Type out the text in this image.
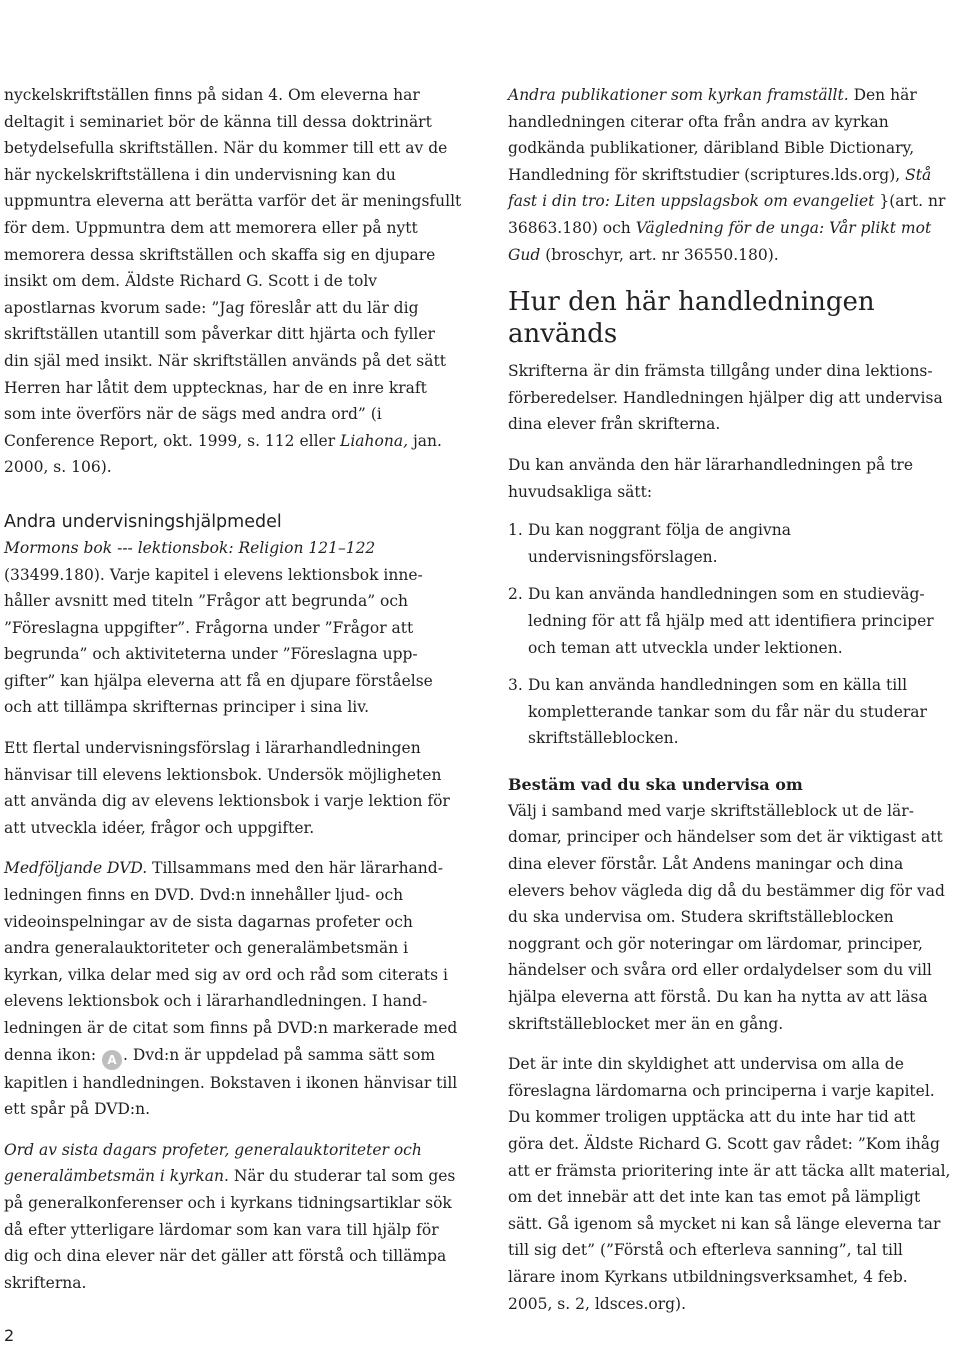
nyckelskriftställen finns på sidan 4. Om eleverna har deltagit i seminariet bör de känna till dessa doktrinärt betydelsefulla skriftställen. När du kommer till ett av de här nyckelskriftställena i din undervisning kan du uppmuntra eleverna att berätta varför det är meningsfullt för dem. Uppmuntra dem att memorera eller på nytt memorera dessa skriftställen och skaffa sig en djupare insikt om dem. Äldste Richard G. Scott i de tolv apostlarnas kvorum sade: ”Jag föreslår att du lär dig skriftställen utantill som påverkar ditt hjärta och fyller din själ med insikt. När skriftställen används på det sätt Herren har låtit dem upptecknas, har de en inre kraft som inte överförs när de sägs med andra ord” (i Conference Report, okt. 1999, s. 112 eller Liahona, jan. 2000, s. 106).

Andra undervisningshjälpmedel

Mormons bok --- lektionsbok: Religion 121–122 (33499.180). Varje kapitel i elevens lektionsbok innehåller avsnitt med titeln ”Frågor att begrunda” och ”Föreslagna uppgifter”. Frågorna under ”Frågor att begrunda” och aktiviteterna under ”Föreslagna uppgifter” kan hjälpa eleverna att få en djupare förståelse och att tillämpa skrifternas principer i sina liv.

Ett flertal undervisningsförslag i lärarhandledningen hänvisar till elevens lektionsbok. Undersök möjligheten att använda dig av elevens lektionsbok i varje lektion för att utveckla idéer, frågor och uppgifter.

Medföljande DVD. Tillsammans med den här lärarhandledningen finns en DVD. Dvd:n innehåller ljud- och videoinspelningar av de sista dagarnas profeter och andra generalauktoriteter och generalämbetsmän i kyrkan, vilka delar med sig av ord och råd som citerats i elevens lektionsbok och i lärarhandledningen. I handledningen är de citat som finns på DVD:n markerade med denna ikon: A . Dvd:n är uppdelad på samma sätt som kapitlen i handledningen. Bokstaven i ikonen hänvisar till ett spår på DVD:n.

Ord av sista dagars profeter, generalauktoriteter och generalämbetsmän i kyrkan. När du studerar tal som ges på generalkonferenser och i kyrkans tidningsartiklar sök då efter ytterligare lärdomar som kan vara till hjälp för dig och dina elever när det gäller att förstå och tillämpa skrifterna.

Andra publikationer som kyrkan framställt. Den här handledningen citerar ofta från andra av kyrkan godkända publikationer, däribland Bible Dictionary, Handledning för skriftstudier (scriptures.lds.org), Stå fast i din tro: Liten uppslagsbok om evangeliet }(art. nr 36863.180) och Vägledning för de unga: Vår plikt mot Gud (broschyr, art. nr 36550.180).

Hur den här handledningen används

Skrifterna är din främsta tillgång under dina lektionsförberedelser. Handledningen hjälper dig att undervisa dina elever från skrifterna.

Du kan använda den här lärarhandledningen på tre huvudsakliga sätt:

1. Du kan noggrant följa de angivna undervisningsförslagen.
2. Du kan använda handledningen som en studievägledning för att få hjälp med att identifiera principer och teman att utveckla under lektionen.
3. Du kan använda handledningen som en källa till kompletterande tankar som du får när du studerar skriftställeblocken.
Bestäm vad du ska undervisa om

Välj i samband med varje skriftställeblock ut de lärdomar, principer och händelser som det är viktigast att dina elever förstår. Låt Andens maningar och dina elevers behov vägleda dig då du bestämmer dig för vad du ska undervisa om. Studera skriftställeblocken noggrant och gör noteringar om lärdomar, principer, händelser och svåra ord eller ordalydelser som du vill hjälpa eleverna att förstå. Du kan ha nytta av att läsa skriftställeblocket mer än en gång.

Det är inte din skyldighet att undervisa om alla de föreslagna lärdomarna och principerna i varje kapitel. Du kommer troligen upptäcka att du inte har tid att göra det. Äldste Richard G. Scott gav rådet: ”Kom ihåg att er främsta prioritering inte är att täcka allt material, om det innebär att det inte kan tas emot på lämpligt sätt. Gå igenom så mycket ni kan så länge eleverna tar till sig det” (”Förstå och efterleva sanning”, tal till lärare inom Kyrkans utbildningsverksamhet, 4 feb. 2005, s. 2, ldsces.org).

2
